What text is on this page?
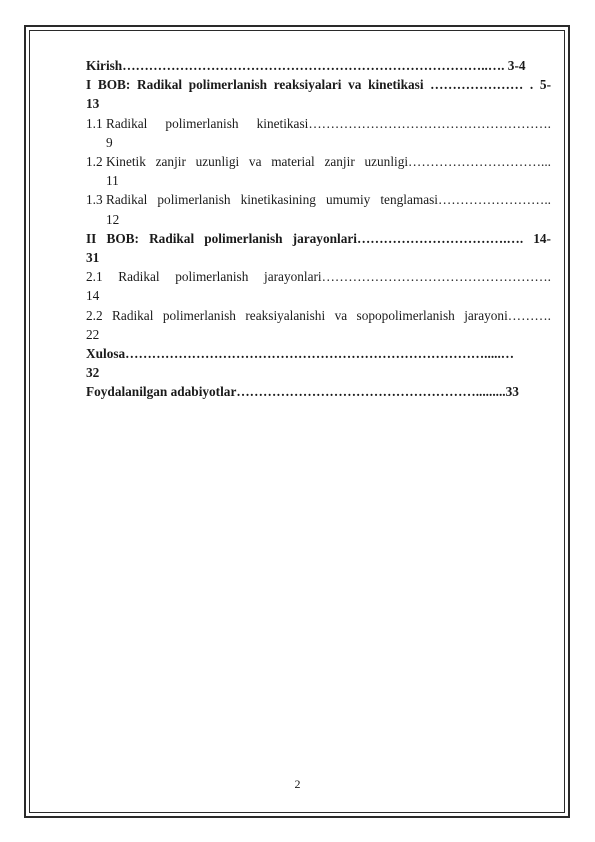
Kirish………………………………………………………………………..…. 3-4
I BOB: Radikal polimerlanish reaksiyalari va kinetikasi ………………… . 5-
13
1.1 Radikal polimerlanish kinetikasi……………………………………………….
9
1.2 Kinetik zanjir uzunligi va material zanjir uzunligi…………………………...
11
1.3 Radikal polimerlanish kinetikasining umumiy tenglamasi……………………..
12
II BOB: Radikal polimerlanish jarayonlari…………………………….…. 14-
31
2.1 Radikal polimerlanish jarayonlari…………………………………………….
14
2.2 Radikal polimerlanish reaksiyalanishi va sopopolimerlanish jarayoni……….
22
Xulosa……………………………………………………………………….....…
32
Foydalanilgan adabiyotlar……………………………………………….........33
2
